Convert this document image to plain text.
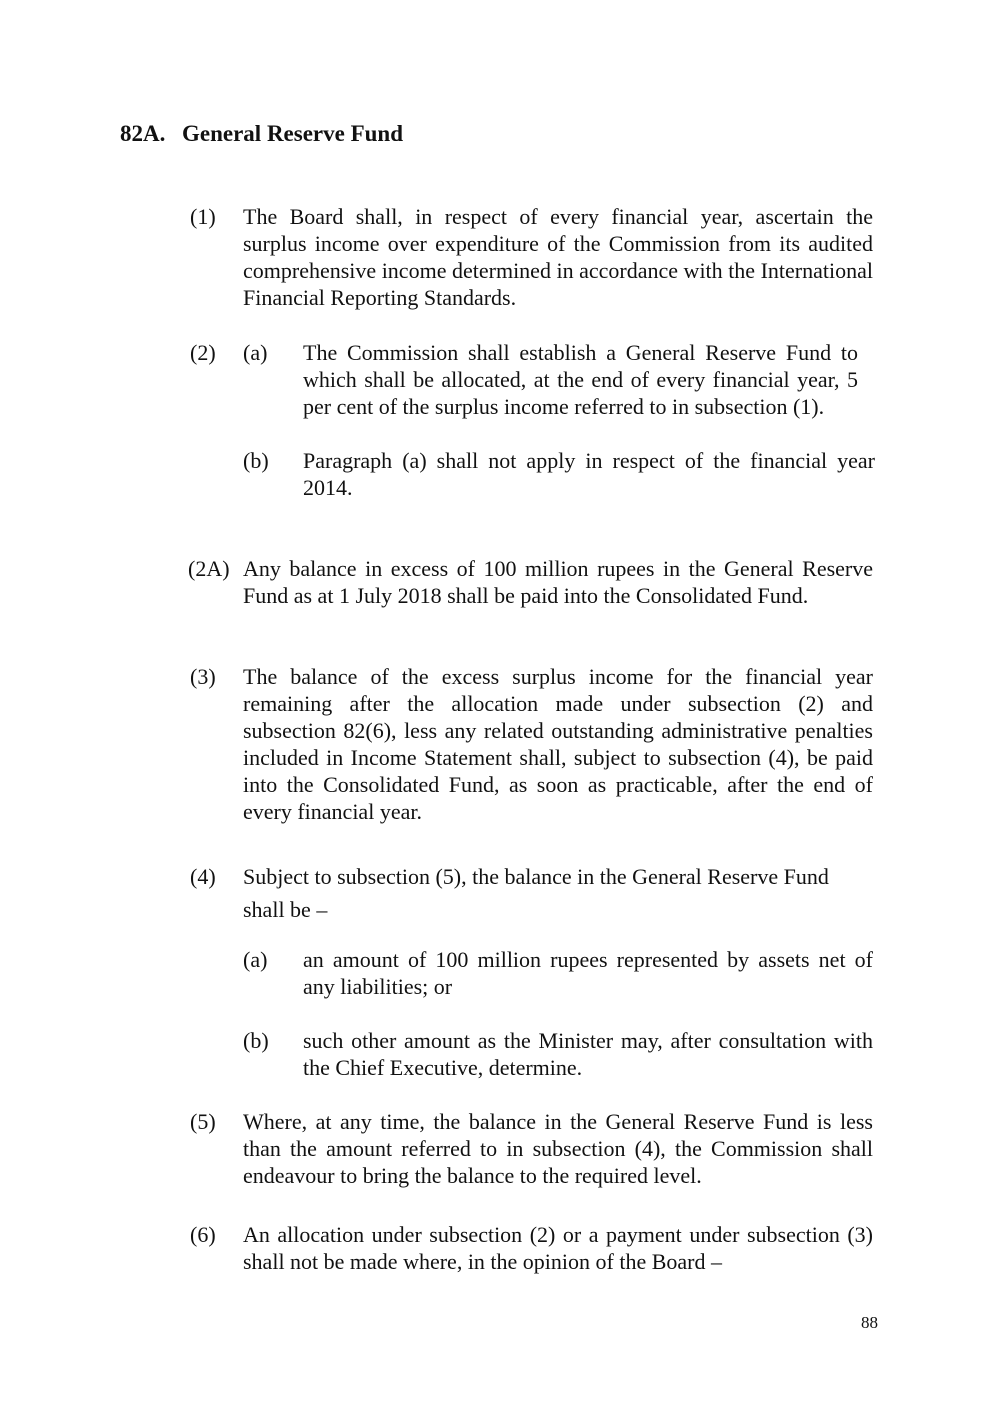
82A. General Reserve Fund
(1) The Board shall, in respect of every financial year, ascertain the surplus income over expenditure of the Commission from its audited comprehensive income determined in accordance with the International Financial Reporting Standards.
(2) (a) The Commission shall establish a General Reserve Fund to which shall be allocated, at the end of every financial year, 5 per cent of the surplus income referred to in subsection (1).
(b) Paragraph (a) shall not apply in respect of the financial year 2014.
(2A) Any balance in excess of 100 million rupees in the General Reserve Fund as at 1 July 2018 shall be paid into the Consolidated Fund.
(3) The balance of the excess surplus income for the financial year remaining after the allocation made under subsection (2) and subsection 82(6), less any related outstanding administrative penalties included in Income Statement shall, subject to subsection (4), be paid into the Consolidated Fund, as soon as practicable, after the end of every financial year.
(4) Subject to subsection (5), the balance in the General Reserve Fund
shall be –
(a) an amount of 100 million rupees represented by assets net of any liabilities; or
(b) such other amount as the Minister may, after consultation with the Chief Executive, determine.
(5) Where, at any time, the balance in the General Reserve Fund is less than the amount referred to in subsection (4), the Commission shall endeavour to bring the balance to the required level.
(6) An allocation under subsection (2) or a payment under subsection (3) shall not be made where, in the opinion of the Board –
88
